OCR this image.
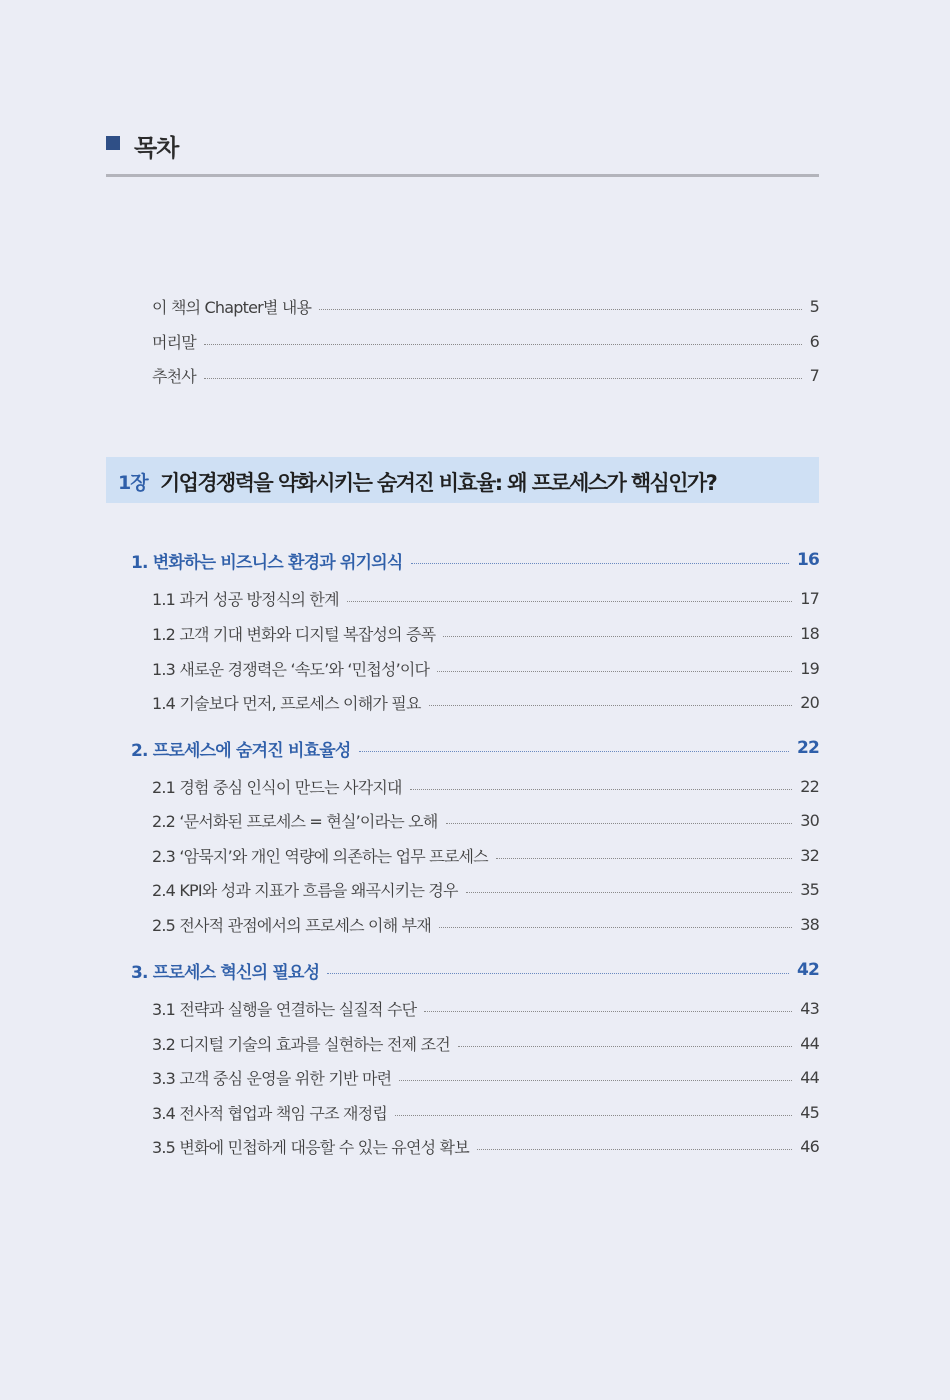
목차
이 책의 Chapter별 내용	5
머리말	6
추천사	7
1장 기업경쟁력을 약화시키는 숨겨진 비효율: 왜 프로세스가 핵심인가?
1. 변화하는 비즈니스 환경과 위기의식	16
1.1 과거 성공 방정식의 한계	17
1.2 고객 기대 변화와 디지털 복잡성의 증폭	18
1.3 새로운 경쟁력은 ‘속도’와 ‘민첩성’이다	19
1.4 기술보다 먼저, 프로세스 이해가 필요	20
2. 프로세스에 숨겨진 비효율성	22
2.1 경험 중심 인식이 만드는 사각지대	22
2.2 ‘문서화된 프로세스 = 현실’이라는 오해	30
2.3 ‘암묵지’와 개인 역량에 의존하는 업무 프로세스	32
2.4 KPI와 성과 지표가 흐름을 왜곡시키는 경우	35
2.5 전사적 관점에서의 프로세스 이해 부재	38
3. 프로세스 혁신의 필요성	42
3.1 전략과 실행을 연결하는 실질적 수단	43
3.2 디지털 기술의 효과를 실현하는 전제 조건	44
3.3 고객 중심 운영을 위한 기반 마련	44
3.4 전사적 협업과 책임 구조 재정립	45
3.5 변화에 민첩하게 대응할 수 있는 유연성 확보	46
